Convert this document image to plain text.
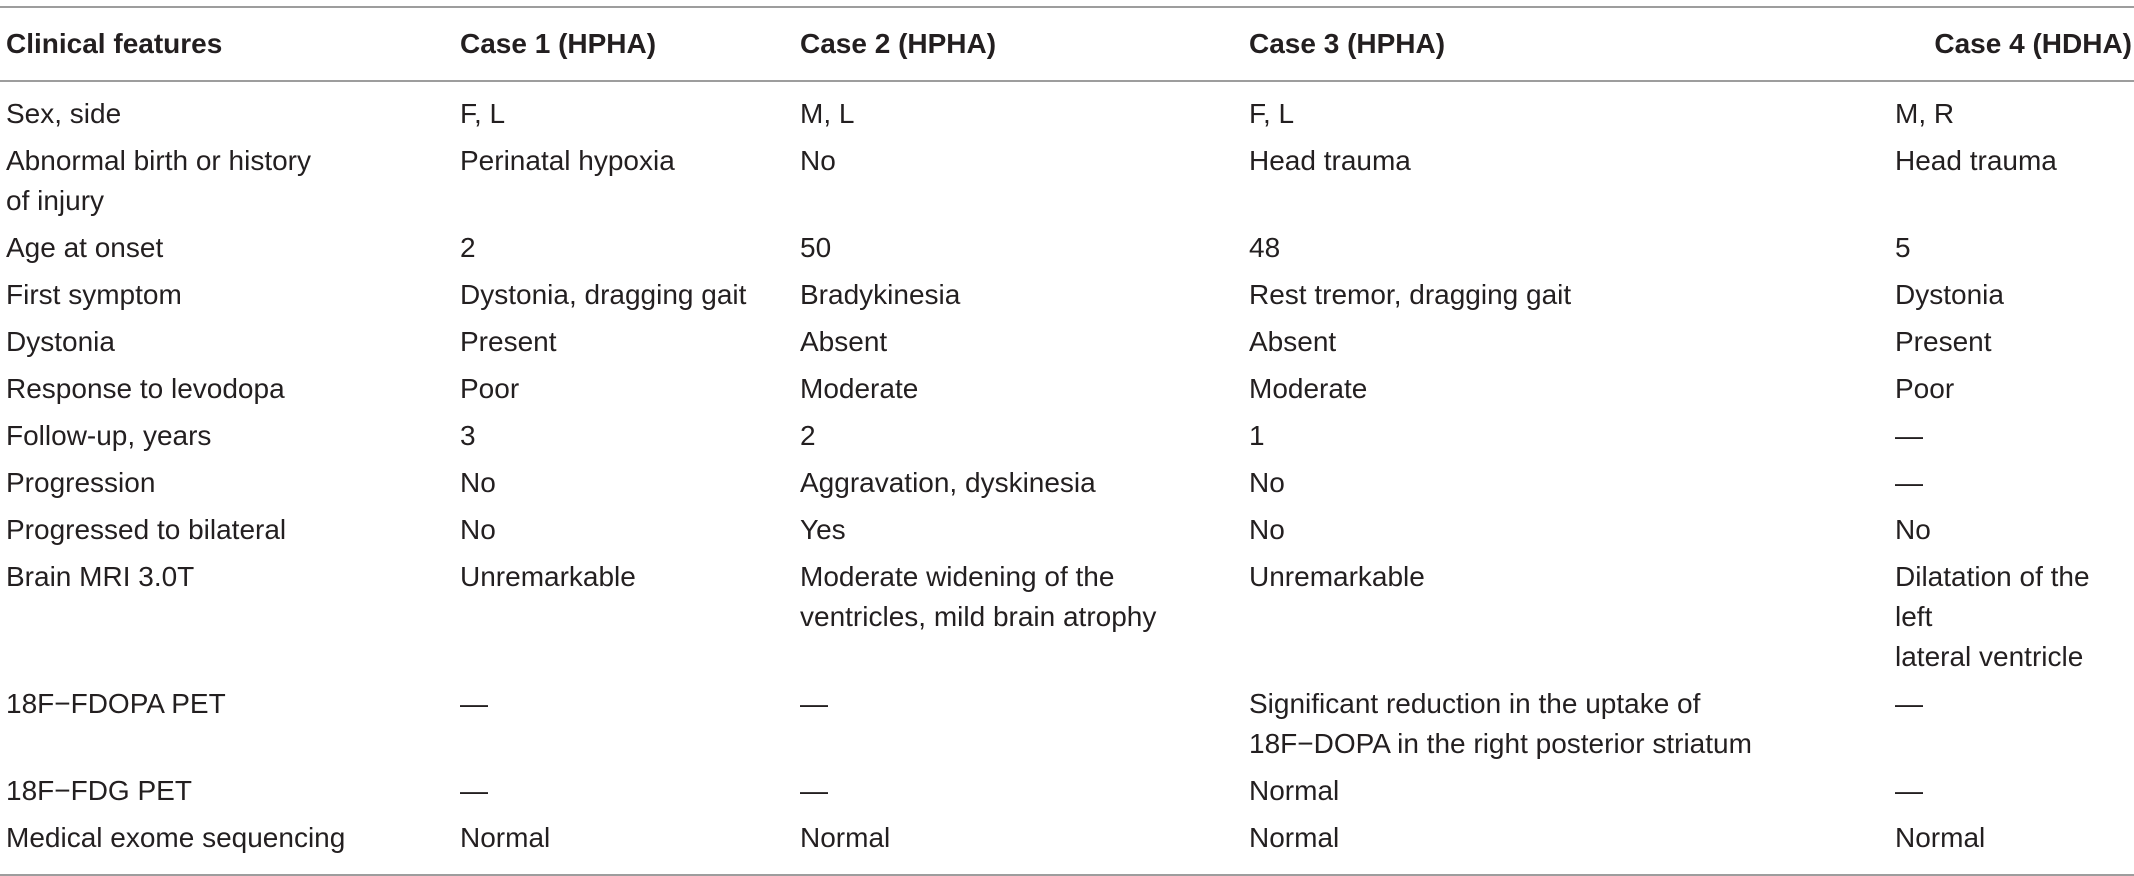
Clinical features	Case 1 (HPHA)	Case 2 (HPHA)	Case 3 (HPHA)	Case 4 (HDHA)
Sex, side	F, L	M, L	F, L	M, R
Abnormal birth or history
of injury	Perinatal hypoxia	No	Head trauma	Head trauma
Age at onset	2	50	48	5
First symptom	Dystonia, dragging gait	Bradykinesia	Rest tremor, dragging gait	Dystonia
Dystonia	Present	Absent	Absent	Present
Response to levodopa	Poor	Moderate	Moderate	Poor
Follow-up, years	3	2	1	—
Progression	No	Aggravation, dyskinesia	No	—
Progressed to bilateral	No	Yes	No	No
Brain MRI 3.0T	Unremarkable	Moderate widening of the
ventricles, mild brain atrophy	Unremarkable	Dilatation of the left
lateral ventricle
18F−FDOPA PET	—	—	Significant reduction in the uptake of
18F−DOPA in the right posterior striatum	—
18F−FDG PET	—	—	Normal	—
Medical exome sequencing	Normal	Normal	Normal	Normal
